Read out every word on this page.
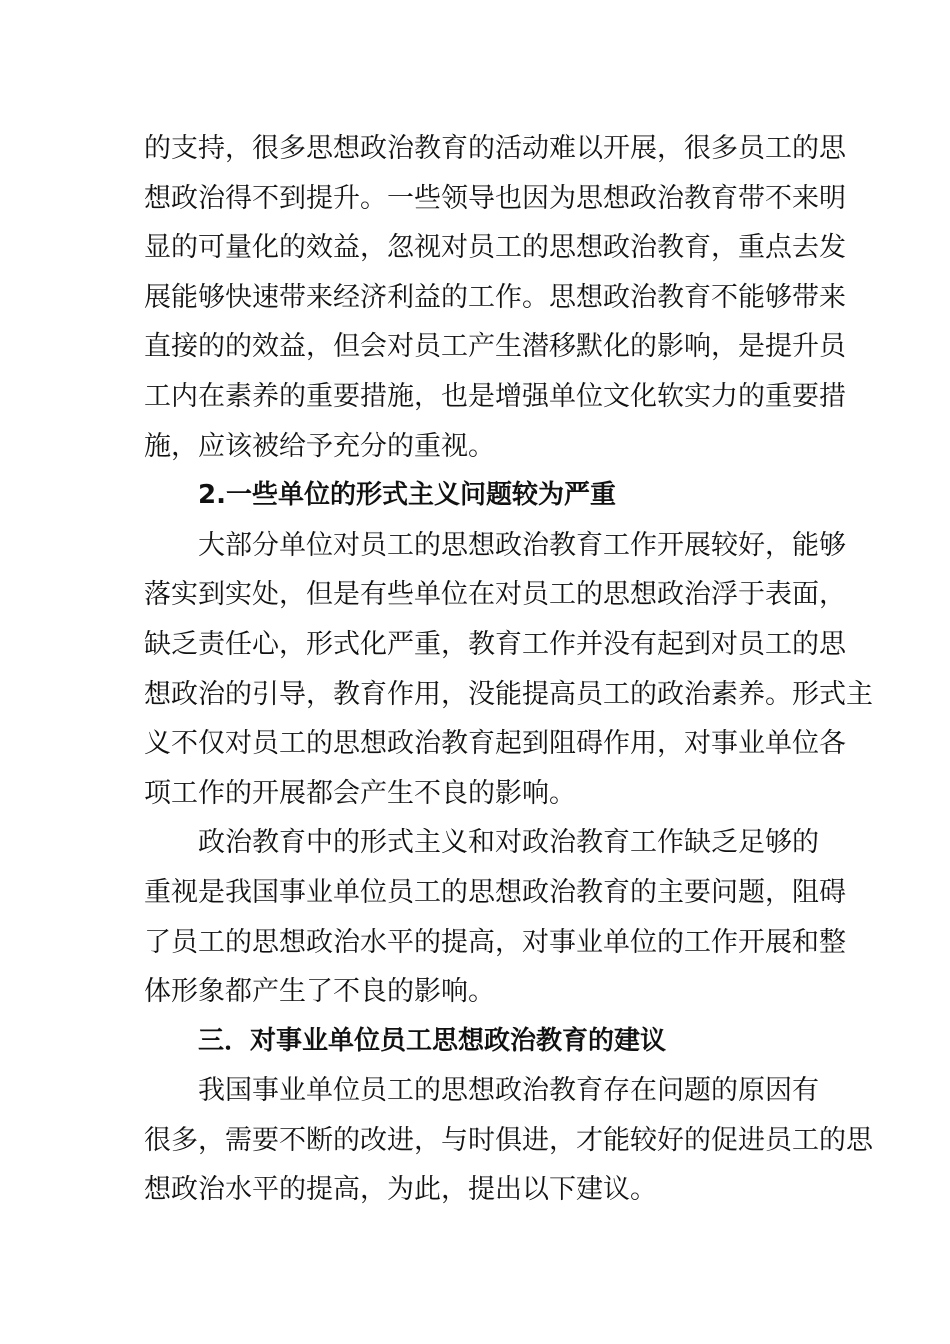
的支持，很多思想政治教育的活动难以开展，很多员工的思
想政治得不到提升。一些领导也因为思想政治教育带不来明
显的可量化的效益，忽视对员工的思想政治教育，重点去发
展能够快速带来经济利益的工作。思想政治教育不能够带来
直接的的效益，但会对员工产生潜移默化的影响，是提升员
工内在素养的重要措施，也是增强单位文化软实力的重要措
施，应该被给予充分的重视。
2.一些单位的形式主义问题较为严重
大部分单位对员工的思想政治教育工作开展较好，能够
落实到实处，但是有些单位在对员工的思想政治浮于表面，
缺乏责任心，形式化严重，教育工作并没有起到对员工的思
想政治的引导，教育作用，没能提高员工的政治素养。形式主
义不仅对员工的思想政治教育起到阻碍作用，对事业单位各
项工作的开展都会产生不良的影响。
政治教育中的形式主义和对政治教育工作缺乏足够的
重视是我国事业单位员工的思想政治教育的主要问题，阻碍
了员工的思想政治水平的提高，对事业单位的工作开展和整
体形象都产生了不良的影响。
三．对事业单位员工思想政治教育的建议
我国事业单位员工的思想政治教育存在问题的原因有
很多，需要不断的改进，与时俱进，才能较好的促进员工的思
想政治水平的提高，为此，提出以下建议。
